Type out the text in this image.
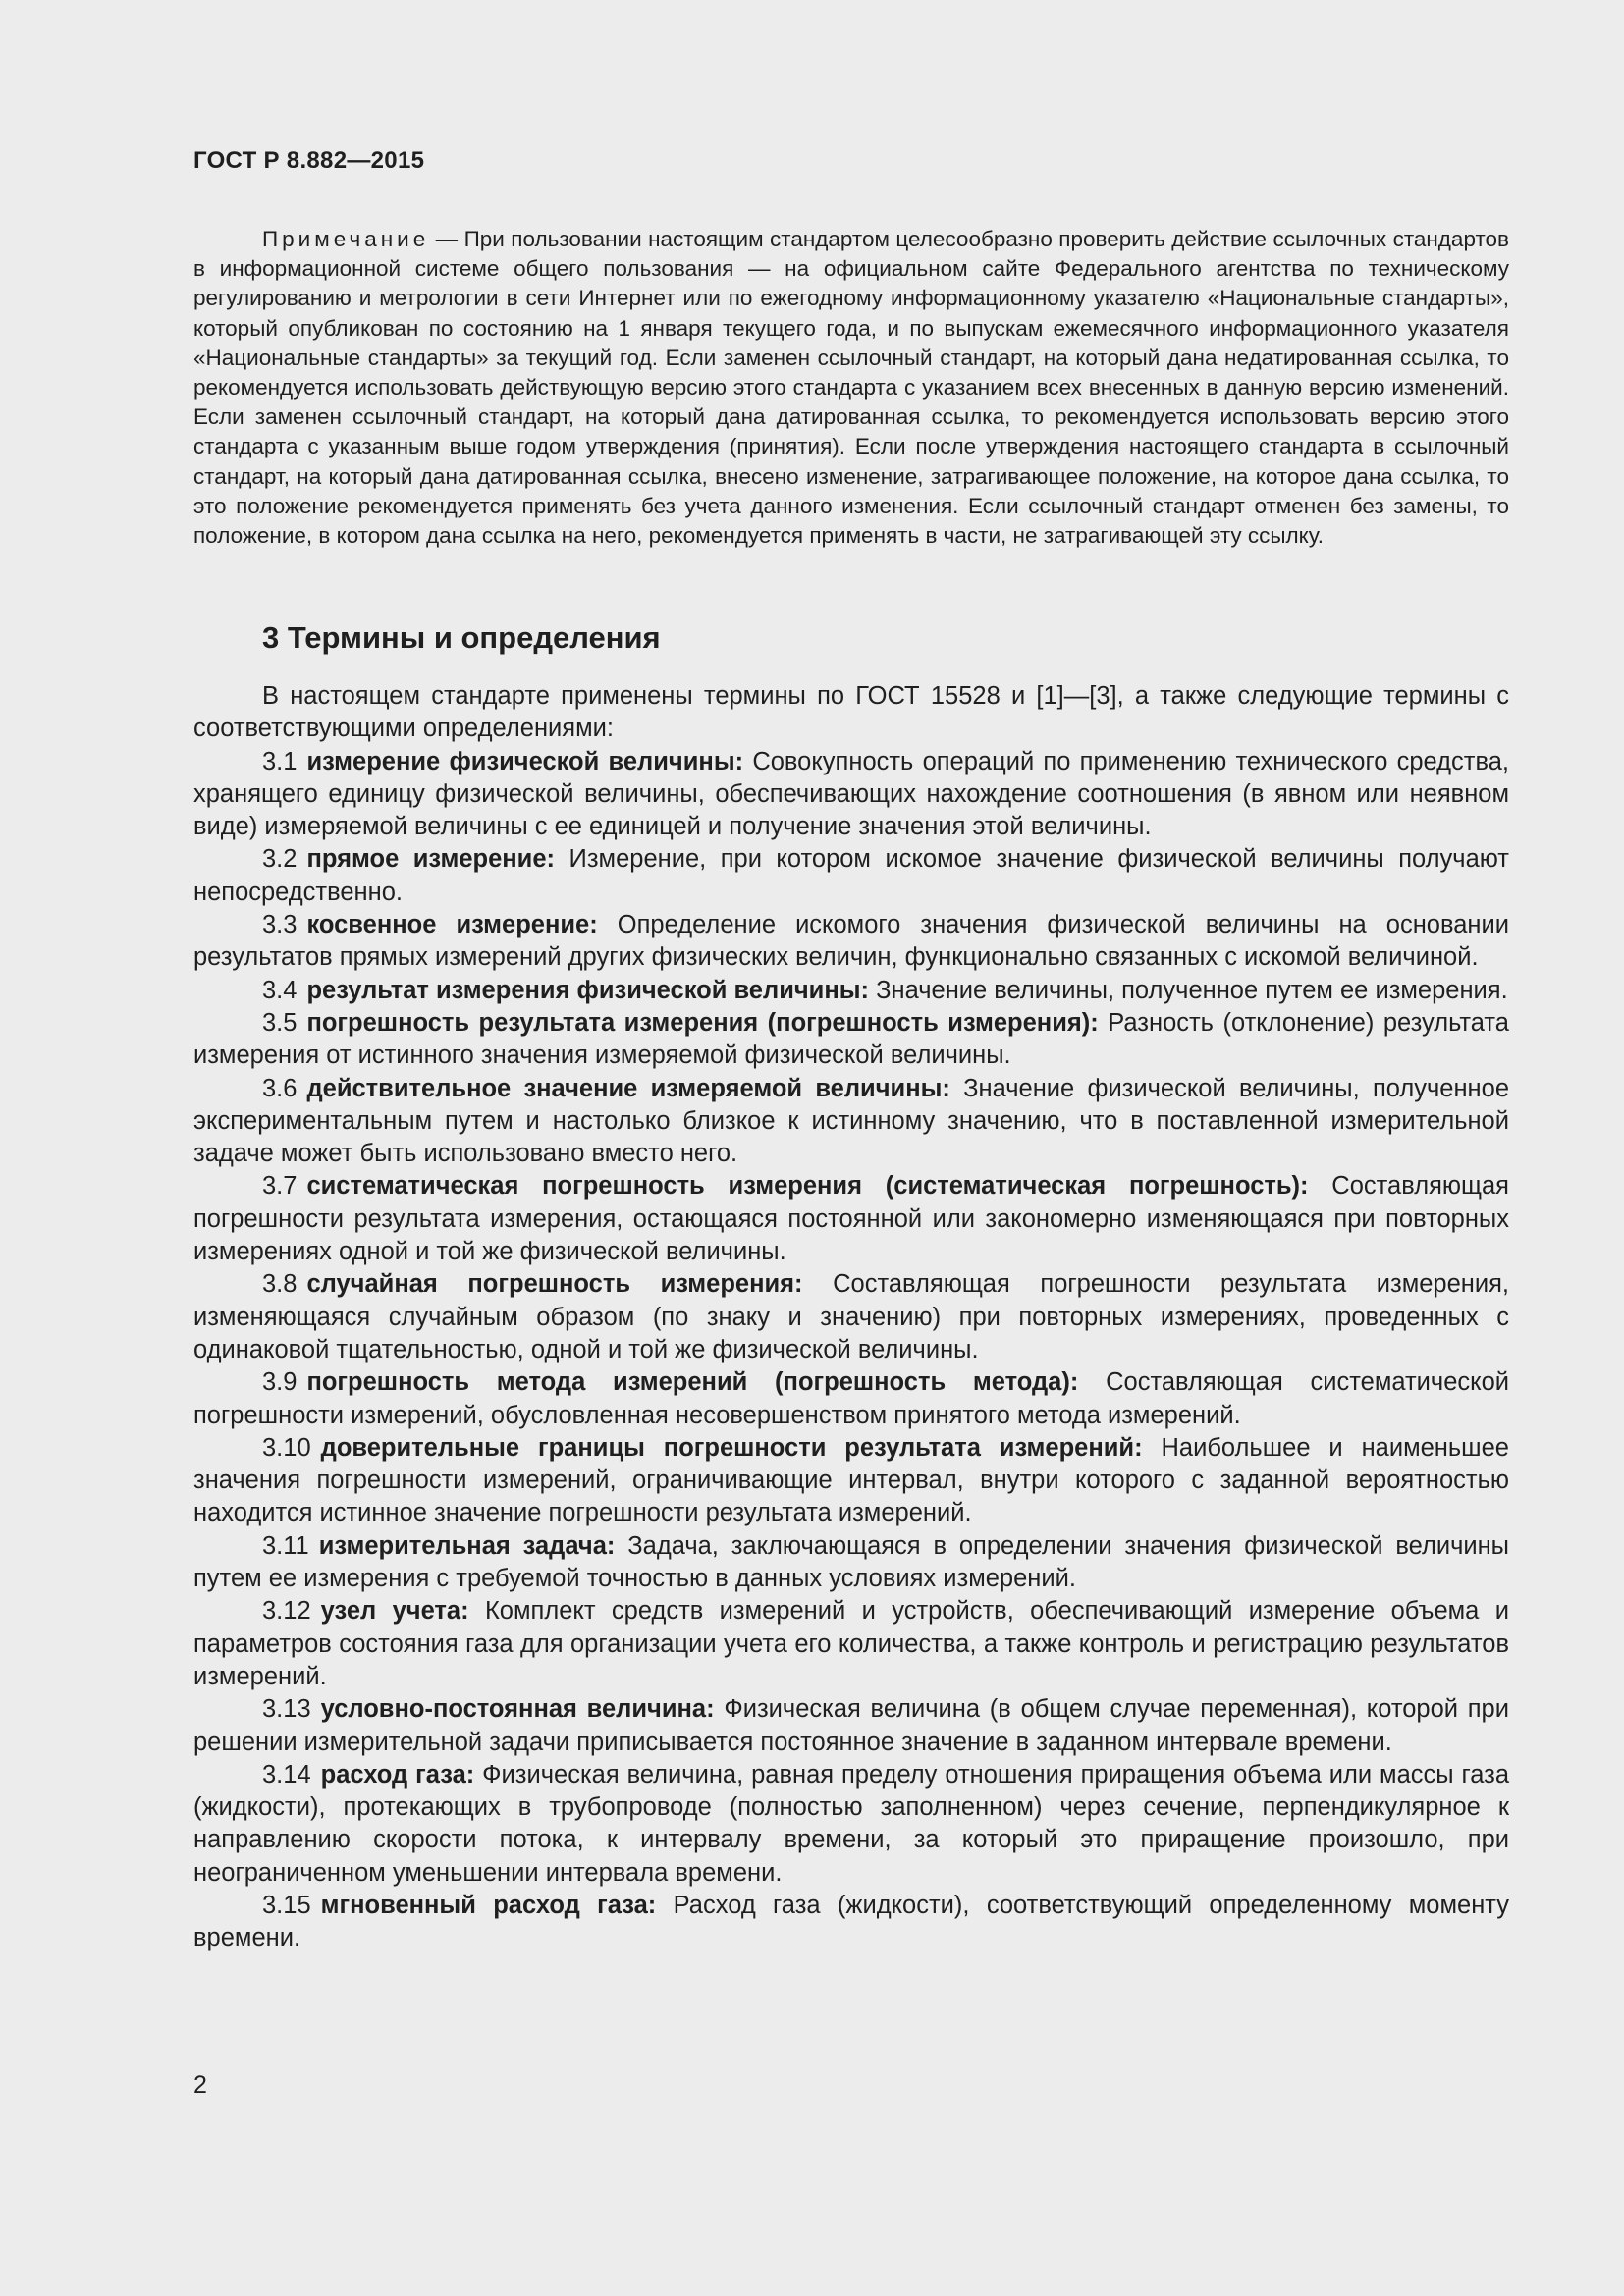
ГОСТ Р 8.882—2015

Примечание — При пользовании настоящим стандартом целесообразно проверить действие ссылочных стандартов в информационной системе общего пользования — на официальном сайте Федерального агентства по техническому регулированию и метрологии в сети Интернет или по ежегодному информационному указателю «Национальные стандарты», который опубликован по состоянию на 1 января текущего года, и по выпускам ежемесячного информационного указателя «Национальные стандарты» за текущий год. Если заменен ссылочный стандарт, на который дана недатированная ссылка, то рекомендуется использовать действующую версию этого стандарта с указанием всех внесенных в данную версию изменений. Если заменен ссылочный стандарт, на который дана датированная ссылка, то рекомендуется использовать версию этого стандарта с указанным выше годом утверждения (принятия). Если после утверждения настоящего стандарта в ссылочный стандарт, на который дана датированная ссылка, внесено изменение, затрагивающее положение, на которое дана ссылка, то это положение рекомендуется применять без учета данного изменения. Если ссылочный стандарт отменен без замены, то положение, в котором дана ссылка на него, рекомендуется применять в части, не затрагивающей эту ссылку.

3 Термины и определения

В настоящем стандарте применены термины по ГОСТ 15528 и [1]—[3], а также следующие термины с соответствующими определениями:

3.1 измерение физической величины: Совокупность операций по применению технического средства, хранящего единицу физической величины, обеспечивающих нахождение соотношения (в явном или неявном виде) измеряемой величины с ее единицей и получение значения этой величины.

3.2 прямое измерение: Измерение, при котором искомое значение физической величины получают непосредственно.

3.3 косвенное измерение: Определение искомого значения физической величины на основании результатов прямых измерений других физических величин, функционально связанных с искомой величиной.

3.4 результат измерения физической величины: Значение величины, полученное путем ее измерения.

3.5 погрешность результата измерения (погрешность измерения): Разность (отклонение) результата измерения от истинного значения измеряемой физической величины.

3.6 действительное значение измеряемой величины: Значение физической величины, полученное экспериментальным путем и настолько близкое к истинному значению, что в поставленной измерительной задаче может быть использовано вместо него.

3.7 систематическая погрешность измерения (систематическая погрешность): Составляющая погрешности результата измерения, остающаяся постоянной или закономерно изменяющаяся при повторных измерениях одной и той же физической величины.

3.8 случайная погрешность измерения: Составляющая погрешности результата измерения, изменяющаяся случайным образом (по знаку и значению) при повторных измерениях, проведенных с одинаковой тщательностью, одной и той же физической величины.

3.9 погрешность метода измерений (погрешность метода): Составляющая систематической погрешности измерений, обусловленная несовершенством принятого метода измерений.

3.10 доверительные границы погрешности результата измерений: Наибольшее и наименьшее значения погрешности измерений, ограничивающие интервал, внутри которого с заданной вероятностью находится истинное значение погрешности результата измерений.

3.11 измерительная задача: Задача, заключающаяся в определении значения физической величины путем ее измерения с требуемой точностью в данных условиях измерений.

3.12 узел учета: Комплект средств измерений и устройств, обеспечивающий измерение объема и параметров состояния газа для организации учета его количества, а также контроль и регистрацию результатов измерений.

3.13 условно-постоянная величина: Физическая величина (в общем случае переменная), которой при решении измерительной задачи приписывается постоянное значение в заданном интервале времени.

3.14 расход газа: Физическая величина, равная пределу отношения приращения объема или массы газа (жидкости), протекающих в трубопроводе (полностью заполненном) через сечение, перпендикулярное к направлению скорости потока, к интервалу времени, за который это приращение произошло, при неограниченном уменьшении интервала времени.

3.15 мгновенный расход газа: Расход газа (жидкости), соответствующий определенному моменту времени.

2
